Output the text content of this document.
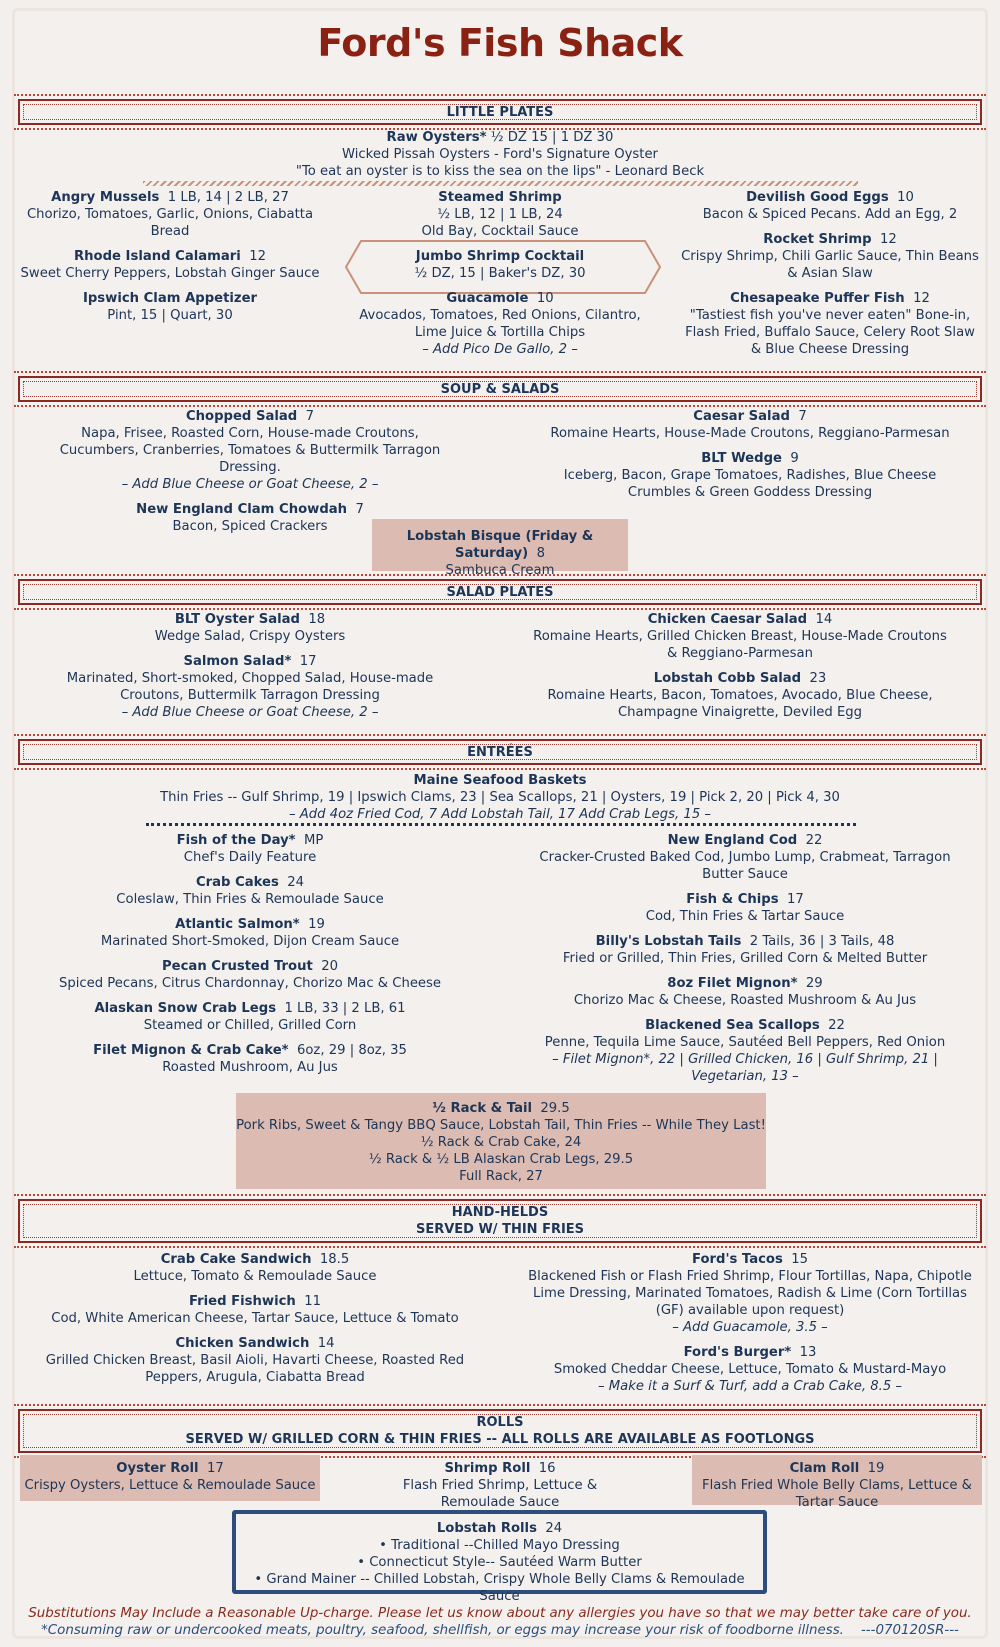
Ford's Fish Shack
LITTLE PLATES
Raw Oysters* ½ DZ 15 | 1 DZ 30
Wicked Pissah Oysters - Ford's Signature Oyster
"To eat an oyster is to kiss the sea on the lips" - Leonard Beck
Angry Mussels 1 LB, 14 | 2 LB, 27
Chorizo, Tomatoes, Garlic, Onions, Ciabatta Bread
Rhode Island Calamari 12
Sweet Cherry Peppers, Lobstah Ginger Sauce
Ipswich Clam Appetizer
Pint, 15 | Quart, 30
Steamed Shrimp
½ LB, 12 | 1 LB, 24
Old Bay, Cocktail Sauce
Jumbo Shrimp Cocktail
½ DZ, 15 | Baker's DZ, 30
Guacamole 10
Avocados, Tomatoes, Red Onions, Cilantro, Lime Juice & Tortilla Chips
– Add Pico De Gallo, 2 –
Devilish Good Eggs 10
Bacon & Spiced Pecans. Add an Egg, 2
Rocket Shrimp 12
Crispy Shrimp, Chili Garlic Sauce, Thin Beans & Asian Slaw
Chesapeake Puffer Fish 12
"Tastiest fish you've never eaten" Bone-in, Flash Fried, Buffalo Sauce, Celery Root Slaw & Blue Cheese Dressing
SOUP & SALADS
Chopped Salad 7
Napa, Frisee, Roasted Corn, House-made Croutons, Cucumbers, Cranberries, Tomatoes & Buttermilk Tarragon Dressing.
– Add Blue Cheese or Goat Cheese, 2 –
New England Clam Chowdah 7
Bacon, Spiced Crackers
Caesar Salad 7
Romaine Hearts, House-Made Croutons, Reggiano-Parmesan
BLT Wedge 9
Iceberg, Bacon, Grape Tomatoes, Radishes, Blue Cheese Crumbles & Green Goddess Dressing
Lobstah Bisque (Friday & Saturday) 8
Sambuca Cream
SALAD PLATES
BLT Oyster Salad 18
Wedge Salad, Crispy Oysters
Salmon Salad* 17
Marinated, Short-smoked, Chopped Salad, House-made Croutons, Buttermilk Tarragon Dressing
– Add Blue Cheese or Goat Cheese, 2 –
Chicken Caesar Salad 14
Romaine Hearts, Grilled Chicken Breast, House-Made Croutons & Reggiano-Parmesan
Lobstah Cobb Salad 23
Romaine Hearts, Bacon, Tomatoes, Avocado, Blue Cheese, Champagne Vinaigrette, Deviled Egg
ENTRÉES
Maine Seafood Baskets
Thin Fries -- Gulf Shrimp, 19 | Ipswich Clams, 23 | Sea Scallops, 21 | Oysters, 19 | Pick 2, 20 | Pick 4, 30
– Add 4oz Fried Cod, 7 Add Lobstah Tail, 17 Add Crab Legs, 15 –
Fish of the Day* MP
Chef's Daily Feature
Crab Cakes 24
Coleslaw, Thin Fries & Remoulade Sauce
Atlantic Salmon* 19
Marinated Short-Smoked, Dijon Cream Sauce
Pecan Crusted Trout 20
Spiced Pecans, Citrus Chardonnay, Chorizo Mac & Cheese
Alaskan Snow Crab Legs 1 LB, 33 | 2 LB, 61
Steamed or Chilled, Grilled Corn
Filet Mignon & Crab Cake* 6oz, 29 | 8oz, 35
Roasted Mushroom, Au Jus
New England Cod 22
Cracker-Crusted Baked Cod, Jumbo Lump, Crabmeat, Tarragon Butter Sauce
Fish & Chips 17
Cod, Thin Fries & Tartar Sauce
Billy's Lobstah Tails 2 Tails, 36 | 3 Tails, 48
Fried or Grilled, Thin Fries, Grilled Corn & Melted Butter
8oz Filet Mignon* 29
Chorizo Mac & Cheese, Roasted Mushroom & Au Jus
Blackened Sea Scallops 22
Penne, Tequila Lime Sauce, Sautéed Bell Peppers, Red Onion
– Filet Mignon*, 22 | Grilled Chicken, 16 | Gulf Shrimp, 21 | Vegetarian, 13 –
½ Rack & Tail 29.5
Pork Ribs, Sweet & Tangy BBQ Sauce, Lobstah Tail, Thin Fries -- While They Last!
½ Rack & Crab Cake, 24
½ Rack & ½ LB Alaskan Crab Legs, 29.5
Full Rack, 27
HAND-HELDS
SERVED W/ THIN FRIES
Crab Cake Sandwich 18.5
Lettuce, Tomato & Remoulade Sauce
Fried Fishwich 11
Cod, White American Cheese, Tartar Sauce, Lettuce & Tomato
Chicken Sandwich 14
Grilled Chicken Breast, Basil Aioli, Havarti Cheese, Roasted Red Peppers, Arugula, Ciabatta Bread
Ford's Tacos 15
Blackened Fish or Flash Fried Shrimp, Flour Tortillas, Napa, Chipotle Lime Dressing, Marinated Tomatoes, Radish & Lime (Corn Tortillas (GF) available upon request)
– Add Guacamole, 3.5 –
Ford's Burger* 13
Smoked Cheddar Cheese, Lettuce, Tomato & Mustard-Mayo
– Make it a Surf & Turf, add a Crab Cake, 8.5 –
ROLLS
SERVED W/ GRILLED CORN & THIN FRIES -- ALL ROLLS ARE AVAILABLE AS FOOTLONGS
Oyster Roll 17
Crispy Oysters, Lettuce & Remoulade Sauce
Shrimp Roll 16
Flash Fried Shrimp, Lettuce & Remoulade Sauce
Clam Roll 19
Flash Fried Whole Belly Clams, Lettuce & Tartar Sauce
Lobstah Rolls 24
• Traditional --Chilled Mayo Dressing
• Connecticut Style-- Sautéed Warm Butter
• Grand Mainer -- Chilled Lobstah, Crispy Whole Belly Clams & Remoulade Sauce
Substitutions May Include a Reasonable Up-charge. Please let us know about any allergies you have so that we may better take care of you.
*Consuming raw or undercooked meats, poultry, seafood, shellfish, or eggs may increase your risk of foodborne illness. ---070120SR---
